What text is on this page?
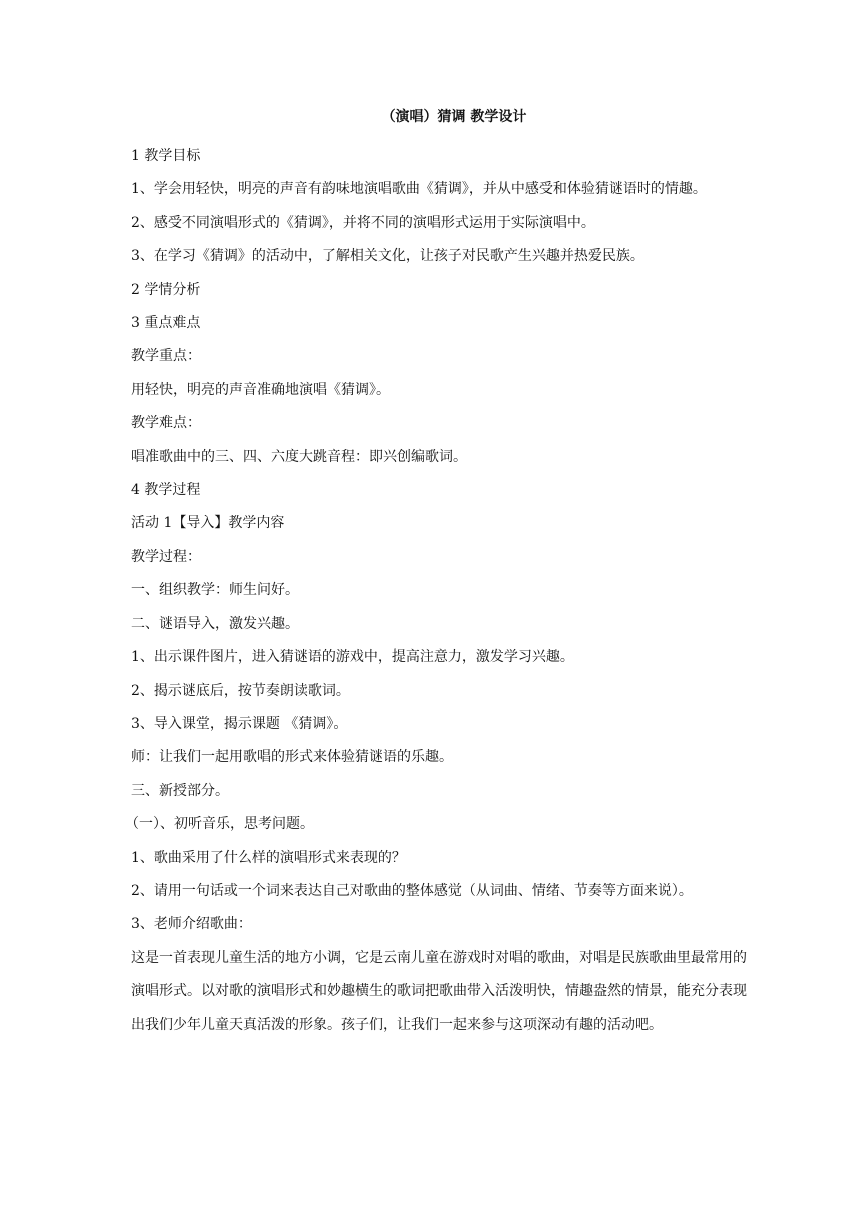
（演唱）猜调 教学设计

1 教学目标

1、学会用轻快，明亮的声音有韵味地演唱歌曲《猜调》，并从中感受和体验猜谜语时的情趣。

2、感受不同演唱形式的《猜调》，并将不同的演唱形式运用于实际演唱中。

3、在学习《猜调》的活动中，了解相关文化，让孩子对民歌产生兴趣并热爱民族。

2 学情分析

3 重点难点

教学重点：

用轻快，明亮的声音准确地演唱《猜调》。

教学难点：

唱准歌曲中的三、四、六度大跳音程：即兴创编歌词。

4 教学过程

活动 1【导入】教学内容

教学过程：

一、组织教学：师生问好。

二、谜语导入，激发兴趣。

1、出示课件图片，进入猜谜语的游戏中，提高注意力，激发学习兴趣。

2、揭示谜底后，按节奏朗读歌词。

3、导入课堂，揭示课题 《猜调》。

师：让我们一起用歌唱的形式来体验猜谜语的乐趣。

三、新授部分。

（一）、初听音乐，思考问题。

1、歌曲采用了什么样的演唱形式来表现的？

2、请用一句话或一个词来表达自己对歌曲的整体感觉（从词曲、情绪、节奏等方面来说）。

3、老师介绍歌曲：

这是一首表现儿童生活的地方小调，它是云南儿童在游戏时对唱的歌曲，对唱是民族歌曲里最常用的演唱形式。以对歌的演唱形式和妙趣横生的歌词把歌曲带入活泼明快，情趣盎然的情景，能充分表现出我们少年儿童天真活泼的形象。孩子们，让我们一起来参与这项深动有趣的活动吧。
